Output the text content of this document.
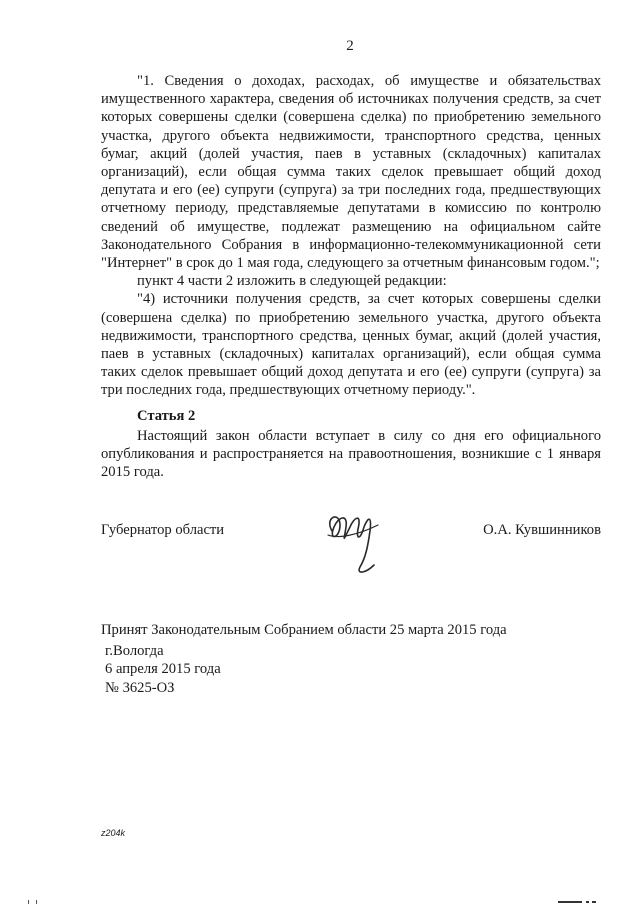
2

"1. Сведения о доходах, расходах, об имуществе и обязательствах имущественного характера, сведения об источниках получения средств, за счет которых совершены сделки (совершена сделка) по приобретению земельного участка, другого объекта недвижимости, транспортного средства, ценных бумаг, акций (долей участия, паев в уставных (складочных) капиталах организаций), если общая сумма таких сделок превышает общий доход депутата и его (ее) супруги (супруга) за три последних года, предшествующих отчетному периоду, представляемые депутатами в комиссию по контролю сведений об имуществе, подлежат размещению на официальном сайте Законодательного Собрания в информационно-телекоммуникационной сети "Интернет" в срок до 1 мая года, следующего за отчетным финансовым годом.";

пункт 4 части 2 изложить в следующей редакции:

"4) источники получения средств, за счет которых совершены сделки (совершена сделка) по приобретению земельного участка, другого объекта недвижимости, транспортного средства, ценных бумаг, акций (долей участия, паев в уставных (складочных) капиталах организаций), если общая сумма таких сделок превышает общий доход депутата и его (ее) супруги (супруга) за три последних года, предшествующих отчетному периоду.".

Статья 2

Настоящий закон области вступает в силу со дня его официального опубликования и распространяется на правоотношения, возникшие с 1 января 2015 года.

Губернатор области	О.А. Кувшинников
Принят Законодательным Собранием области 25 марта 2015 года
г.Вологда
6 апреля 2015 года
№ 3625-ОЗ
z204k
